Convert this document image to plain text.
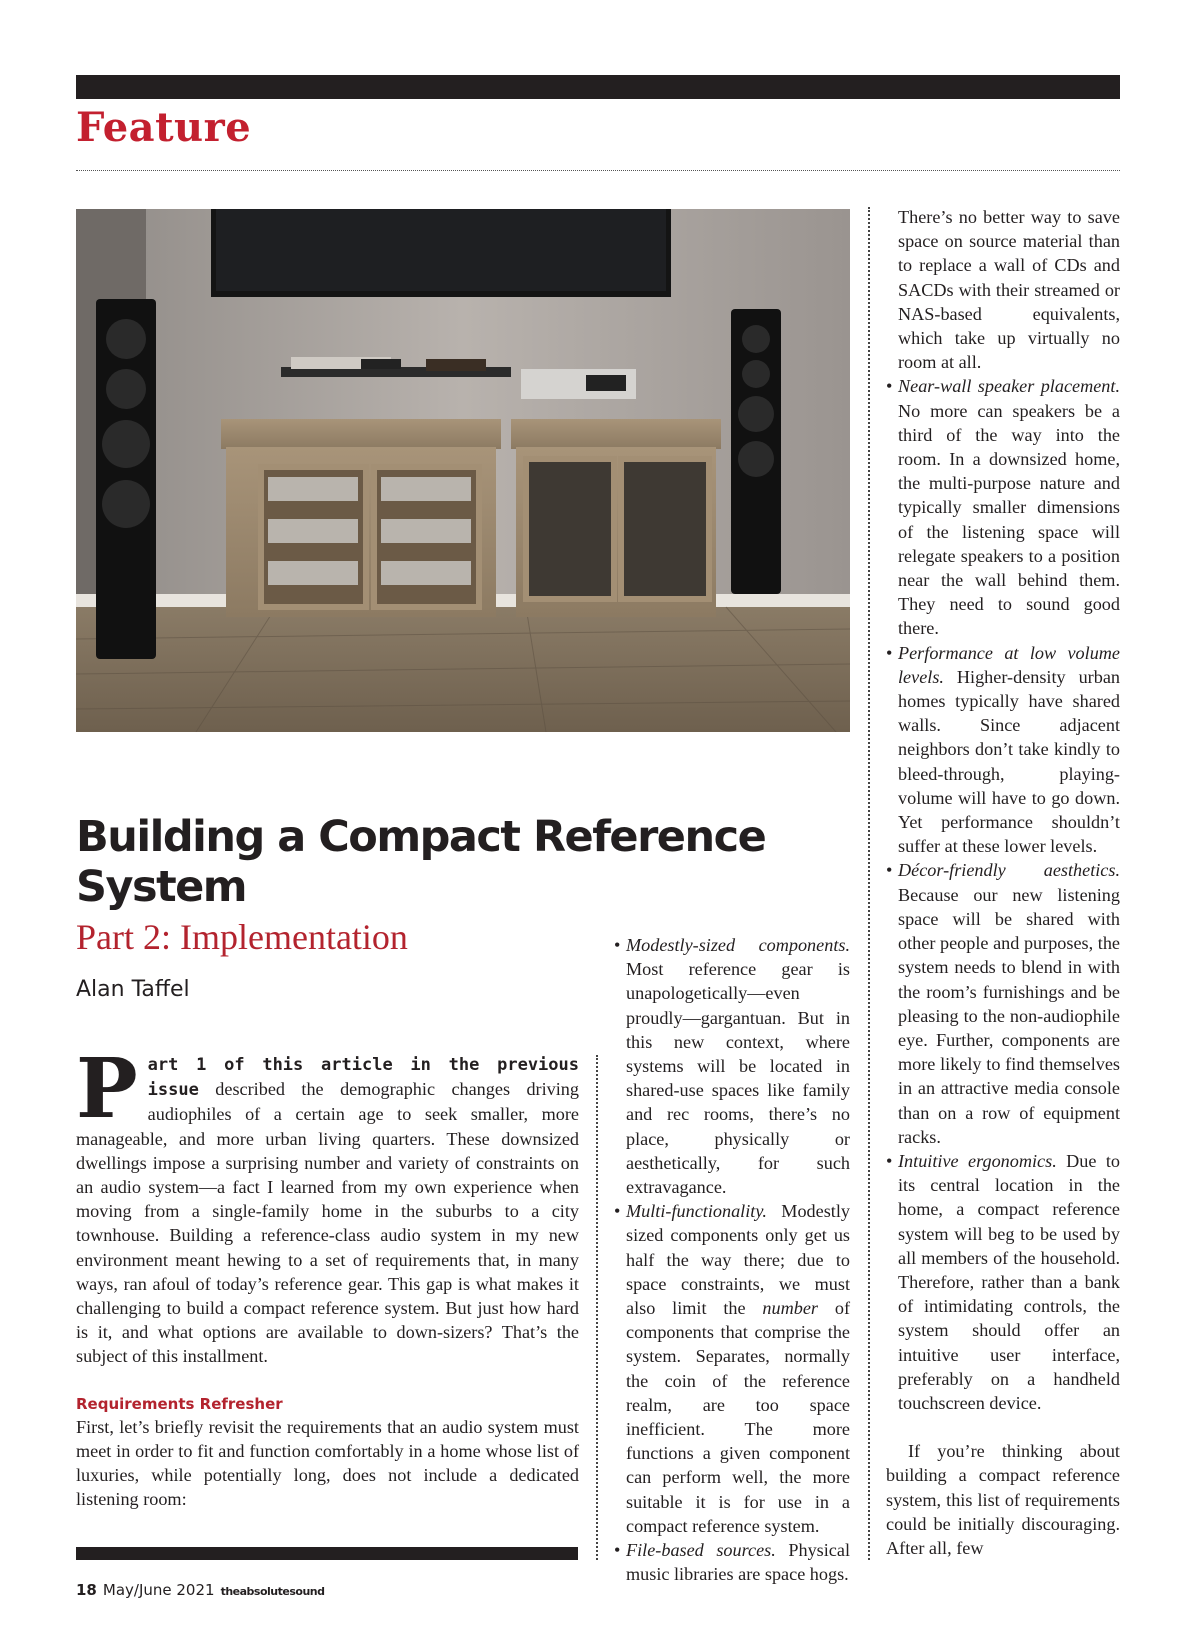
Feature
Building a Compact Reference System
Part 2: Implementation
Alan Taffel

Part 1 of this article in the previous issue described the demographic changes driving audiophiles of a certain age to seek smaller, more manageable, and more urban living quarters. These downsized dwellings impose a surprising number and variety of constraints on an audio system—a fact I learned from my own experience when moving from a single-family home in the suburbs to a city townhouse. Building a reference-class audio system in my new environment meant hewing to a set of requirements that, in many ways, ran afoul of today’s reference gear. This gap is what makes it challenging to build a compact reference system. But just how hard is it, and what options are available to down-sizers? That’s the subject of this installment.

Requirements Refresher

First, let’s briefly revisit the requirements that an audio system must meet in order to fit and function comfortably in a home whose list of luxuries, while potentially long, does not include a dedicated listening room:

• Modestly-sized components. Most reference gear is unapologetically—even proudly—gargantuan. But in this new context, where systems will be located in shared-use spaces like family and rec rooms, there’s no place, physically or aesthetically, for such extravagance.

• Multi-functionality. Modestly sized components only get us half the way there; due to space constraints, we must also limit the number of components that comprise the system. Separates, normally the coin of the reference realm, are too space inefficient. The more functions a given component can perform well, the more suitable it is for use in a compact reference system.

• File-based sources. Physical music libraries are space hogs.

There’s no better way to save space on source material than to replace a wall of CDs and SACDs with their streamed or NAS-based equivalents, which take up virtually no room at all.

• Near-wall speaker placement. No more can speakers be a third of the way into the room. In a downsized home, the multi-purpose nature and typically smaller dimensions of the listening space will relegate speakers to a position near the wall behind them. They need to sound good there.

• Performance at low volume levels. Higher-density urban homes typically have shared walls. Since adjacent neighbors don’t take kindly to bleed-through, playing-volume will have to go down. Yet performance shouldn’t suffer at these lower levels.

• Décor-friendly aesthetics. Because our new listening space will be shared with other people and purposes, the system needs to blend in with the room’s furnishings and be pleasing to the non-audiophile eye. Further, components are more likely to find themselves in an attractive media console than on a row of equipment racks.

• Intuitive ergonomics. Due to its central location in the home, a compact reference system will beg to be used by all members of the household. Therefore, rather than a bank of intimidating controls, the system should offer an intuitive user interface, preferably on a handheld touchscreen device.

If you’re thinking about building a compact reference system, this list of requirements could be initially discouraging. After all, few

18 May/June 2021 theabsolutesound
